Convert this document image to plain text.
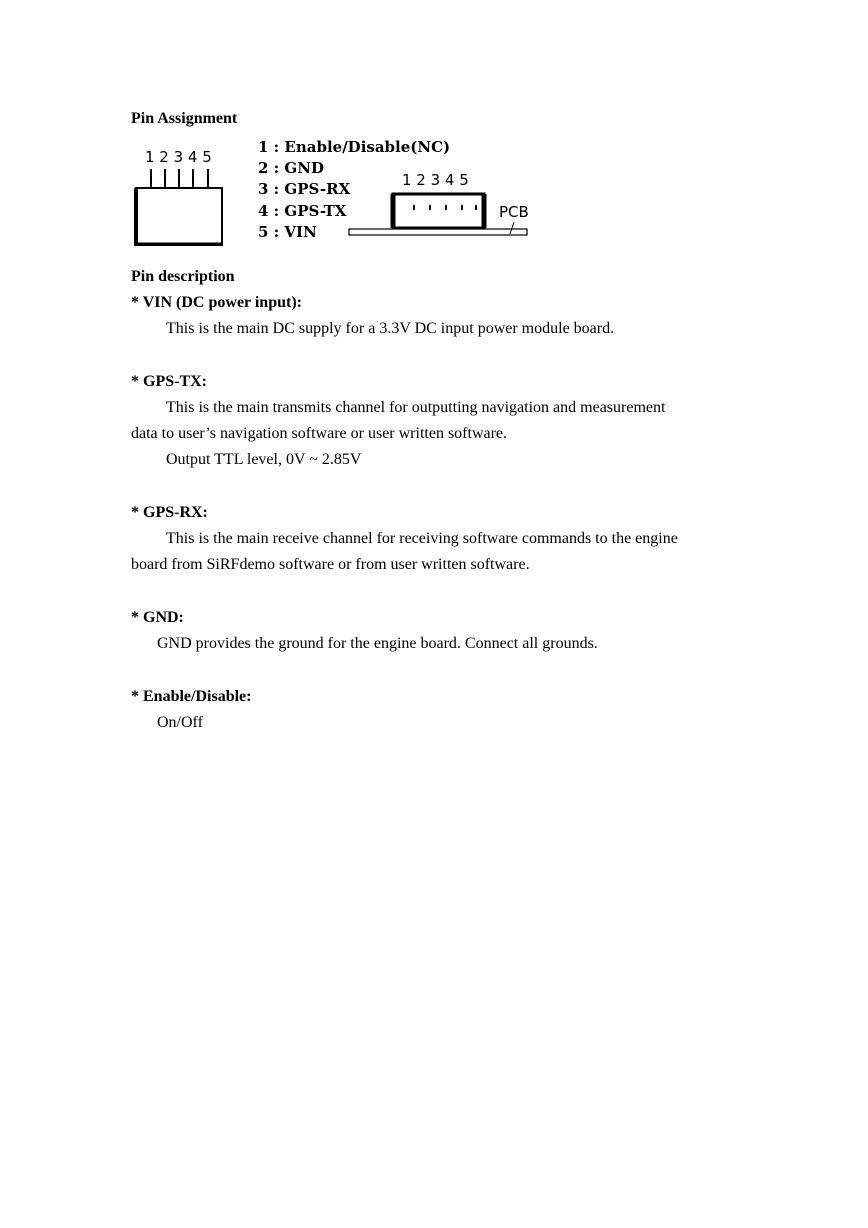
Pin Assignment
1 2 3 4 5
1 : Enable/Disable(NC)
2 : GND
3 : GPS-RX
4 : GPS-TX
5 : VIN
1 2 3 4 5
PCB
Pin description
* VIN (DC power input):
This is the main DC supply for a 3.3V DC input power module board.
* GPS-TX:
This is the main transmits channel for outputting navigation and measurement
data to user’s navigation software or user written software.
Output TTL level, 0V ~ 2.85V
* GPS-RX:
This is the main receive channel for receiving software commands to the engine
board from SiRFdemo software or from user written software.
* GND:
GND provides the ground for the engine board. Connect all grounds.
* Enable/Disable:
On/Off
